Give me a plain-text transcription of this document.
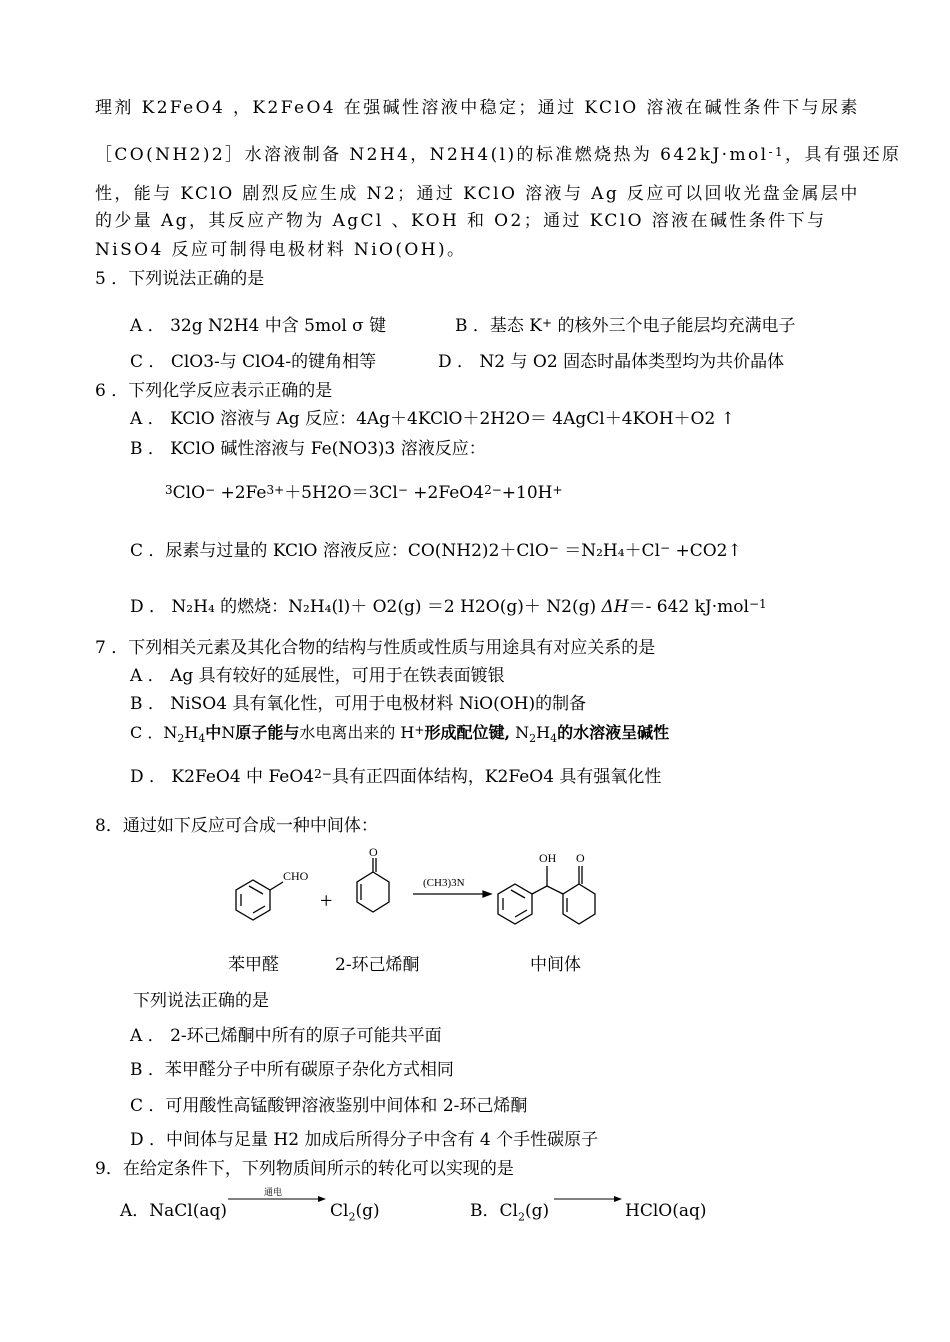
理剂 K2FeO4 ，K2FeO4 在强碱性溶液中稳定；通过 KClO 溶液在碱性条件下与尿素
［CO(NH2)2］水溶液制备 N2H4，N2H4(l)的标准燃烧热为 642kJ·mol$^{-1}$，具有强还原
性，能与 KClO 剧烈反应生成 N2；通过 KClO 溶液与 Ag 反应可以回收光盘金属层中
的少量 Ag，其反应产物为 AgCl 、KOH 和 O2；通过 KClO 溶液在碱性条件下与
NiSO4 反应可制得电极材料 NiO(OH)。
5 ．下列说法正确的是
A ． 32g N2H4 中含 5mol σ 键	B ．基态 K+ 的核外三个电子能层均充满电子
C ． ClO3-与 ClO4-的键角相等	D ． N2 与 O2 固态时晶体类型均为共价晶体
6 ．下列化学反应表示正确的是
A ． KClO 溶液与 Ag 反应：4Ag＋4KClO＋2H2O＝ 4AgCl＋4KOH＋O2 ↑
B ． KClO 碱性溶液与 Fe(NO3)3 溶液反应：
$^3ClO^- +2Fe^{3+}+5H2O=3Cl^- +2FeO4^{2-}+10H^+$
C ．尿素与过量的 KClO 溶液反应：CO(NH2)2＋ClO− ＝N₂H₄＋Cl− +CO2↑
D ． N₂H₄ 的燃烧：N₂H₄(l)＋ O2(g) ＝2 H2O(g)＋ N2(g) ΔH＝- 642 kJ·mol$^{-1}$
7 ．下列相关元素及其化合物的结构与性质或性质与用途具有对应关系的是
A ． Ag 具有较好的延展性，可用于在铁表面镀银
B ． NiSO4 具有氧化性，可用于电极材料 NiO(OH)的制备
C ．$N_2H_4$中N原子能与水电离出来的 H+形成配位键, $N_2H_4$的水溶液呈碱性
D ． K2FeO4 中 $FeO4^{2-}$具有正四面体结构，K2FeO4 具有强氧化性
8．通过如下反应可合成一种中间体：
CHO
+
O
(CH3)3N
OH O
苯甲醛	2-环己烯酮	中间体
下列说法正确的是
A ． 2-环己烯酮中所有的原子可能共平面
B ．苯甲醛分子中所有碳原子杂化方式相同
C ．可用酸性高锰酸钾溶液鉴别中间体和 2-环己烯酮
D ．中间体与足量 H2 加成后所得分子中含有 4 个手性碳原子
9．在给定条件下，下列物质间所示的转化可以实现的是
A．NaCl(aq)
通电
$Cl_2(g)$	B．$Cl_2(g)$	HClO(aq)
